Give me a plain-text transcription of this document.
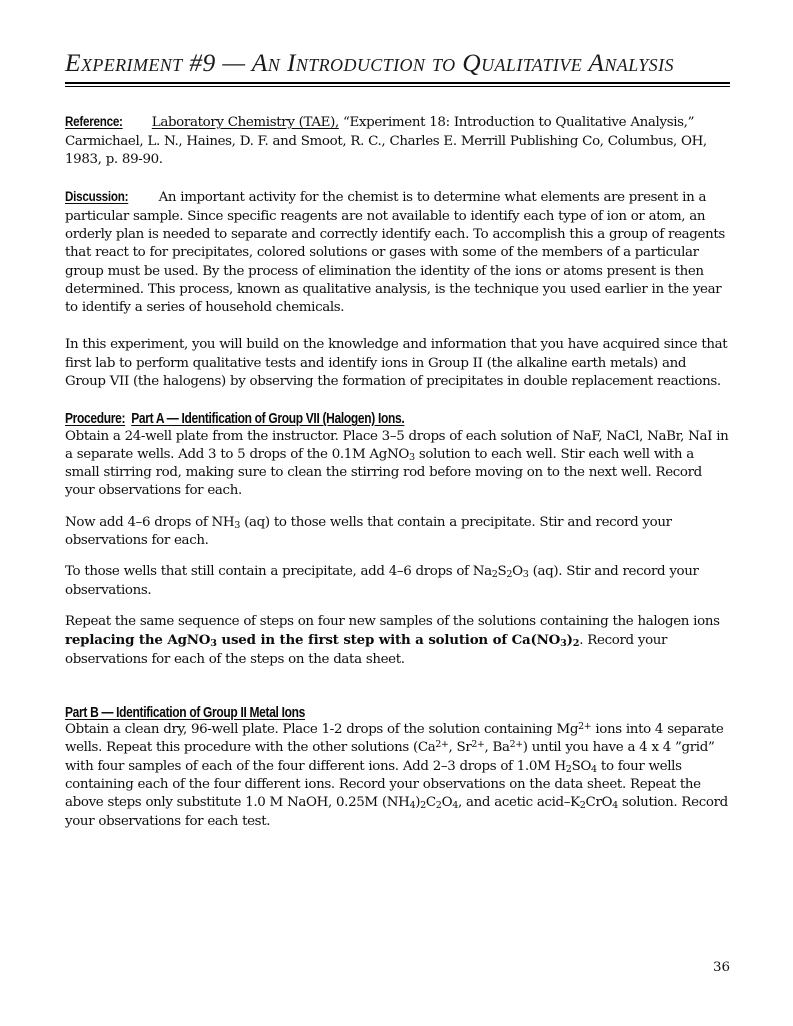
Experiment #9 — An Introduction to Qualitative Analysis

Reference: Laboratory Chemistry (TAE), “Experiment 18: Introduction to Qualitative Analysis,” Carmichael, L. N., Haines, D. F. and Smoot, R. C., Charles E. Merrill Publishing Co, Columbus, OH, 1983, p. 89-90.

Discussion: An important activity for the chemist is to determine what elements are present in a particular sample. Since specific reagents are not available to identify each type of ion or atom, an orderly plan is needed to separate and correctly identify each. To accomplish this a group of reagents that react to for precipitates, colored solutions or gases with some of the members of a particular group must be used. By the process of elimination the identity of the ions or atoms present is then determined. This process, known as qualitative analysis, is the technique you used earlier in the year to identify a series of household chemicals.

In this experiment, you will build on the knowledge and information that you have acquired since that first lab to perform qualitative tests and identify ions in Group II (the alkaline earth metals) and Group VII (the halogens) by observing the formation of precipitates in double replacement reactions.

Procedure: Part A — Identification of Group VII (Halogen) Ions.

Obtain a 24-well plate from the instructor. Place 3–5 drops of each solution of NaF, NaCl, NaBr, NaI in a separate wells. Add 3 to 5 drops of the 0.1M AgNO$_3$ solution to each well. Stir each well with a small stirring rod, making sure to clean the stirring rod before moving on to the next well. Record your observations for each.

Now add 4–6 drops of $NH_3$ (aq) to those wells that contain a precipitate. Stir and record your observations for each.

To those wells that still contain a precipitate, add 4–6 drops of $Na_2S_2O_3$ (aq). Stir and record your observations.

Repeat the same sequence of steps on four new samples of the solutions containing the halogen ions replacing the AgNO$_3$ used in the first step with a solution of $Ca(NO_3)_2$. Record your observations for each of the steps on the data sheet.

Part B — Identification of Group II Metal Ions

Obtain a clean dry, 96-well plate. Place 1-2 drops of the solution containing $Mg^{2+}$ ions into 4 separate wells. Repeat this procedure with the other solutions ($Ca^{2+}$, $Sr^{2+}$, $Ba^{2+}$) until you have a 4 x 4 ”grid” with four samples of each of the four different ions. Add 2–3 drops of 1.0M $H_2SO_4$ to four wells containing each of the four different ions. Record your observations on the data sheet. Repeat the above steps only substitute 1.0 M NaOH, 0.25M $(NH_4)_2C_2O_4$, and acetic acid–$K_2CrO_4$ solution. Record your observations for each test.

36
